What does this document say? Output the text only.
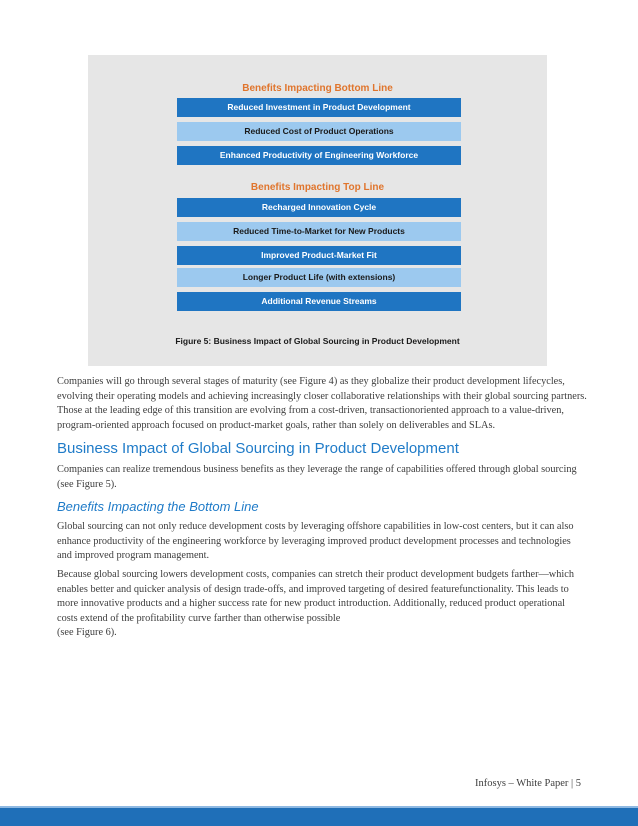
Benefits Impacting Bottom Line
Reduced Investment in Product Development
Reduced Cost of Product Operations
Enhanced Productivity of Engineering Workforce
Benefits Impacting Top Line
Recharged Innovation Cycle
Reduced Time-to-Market for New Products
Improved Product-Market Fit
Longer Product Life (with extensions)
Additional Revenue Streams
Figure 5: Business Impact of Global Sourcing in Product Development

Companies will go through several stages of maturity (see Figure 4) as they globalize their product development lifecycles, evolving their operating models and achieving increasingly closer collaborative relationships with their global sourcing partners. Those at the leading edge of this transition are evolving from a cost-driven, transactionoriented approach to a value-driven, program-oriented approach focused on product-market goals, rather than solely on deliverables and SLAs.

Business Impact of Global Sourcing in Product Development

Companies can realize tremendous business benefits as they leverage the range of capabilities offered through global sourcing (see Figure 5).

Benefits Impacting the Bottom Line

Global sourcing can not only reduce development costs by leveraging offshore capabilities in low-cost centers, but it can also enhance productivity of the engineering workforce by leveraging improved product development processes and technologies and improved program management.

Because global sourcing lowers development costs, companies can stretch their product development budgets farther—which enables better and quicker analysis of design trade-offs, and improved targeting of desired featurefunctionality. This leads to more innovative products and a higher success rate for new product introduction. Additionally, reduced product operational costs extend of the profitability curve farther than otherwise possible
(see Figure 6).

Infosys – White Paper | 5
